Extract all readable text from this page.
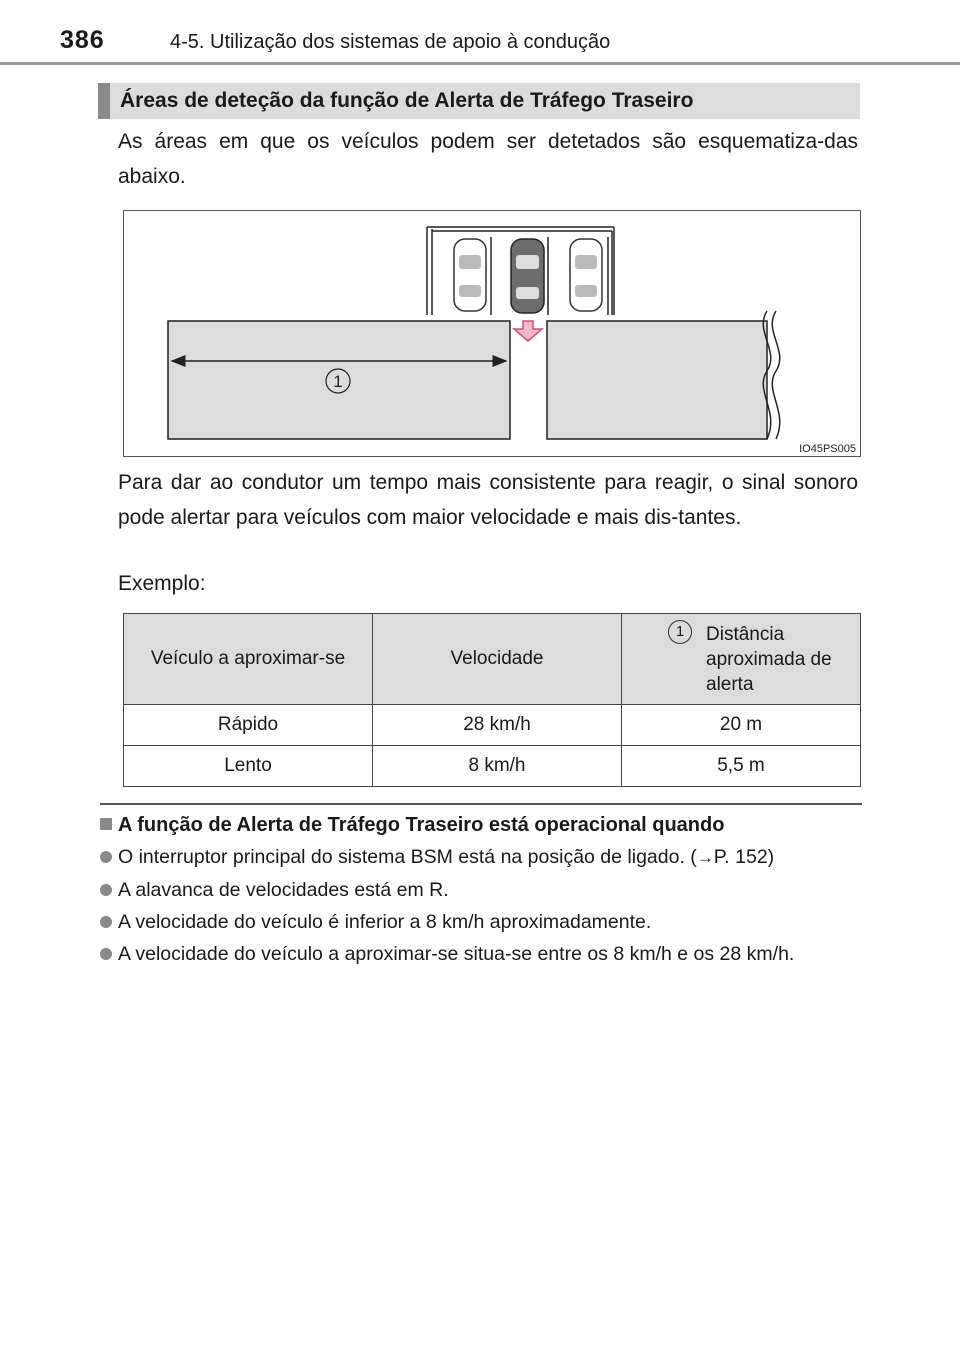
386	4-5. Utilização dos sistemas de apoio à condução
Áreas de deteção da função de Alerta de Tráfego Traseiro
As áreas em que os veículos podem ser detetados são esquematiza-das abaixo.
1
IO45PS005
Para dar ao condutor um tempo mais consistente para reagir, o sinal sonoro pode alertar para veículos com maior velocidade e mais dis-tantes.
Exemplo:
Veículo a aproximar-se	Velocidade	1 Distância aproximada de alerta
Rápido	28 km/h	20 m
Lento	8 km/h	5,5 m
A função de Alerta de Tráfego Traseiro está operacional quando
O interruptor principal do sistema BSM está na posição de ligado. (→P. 152)
A alavanca de velocidades está em R.
A velocidade do veículo é inferior a 8 km/h aproximadamente.
A velocidade do veículo a aproximar-se situa-se entre os 8 km/h e os 28 km/h.
